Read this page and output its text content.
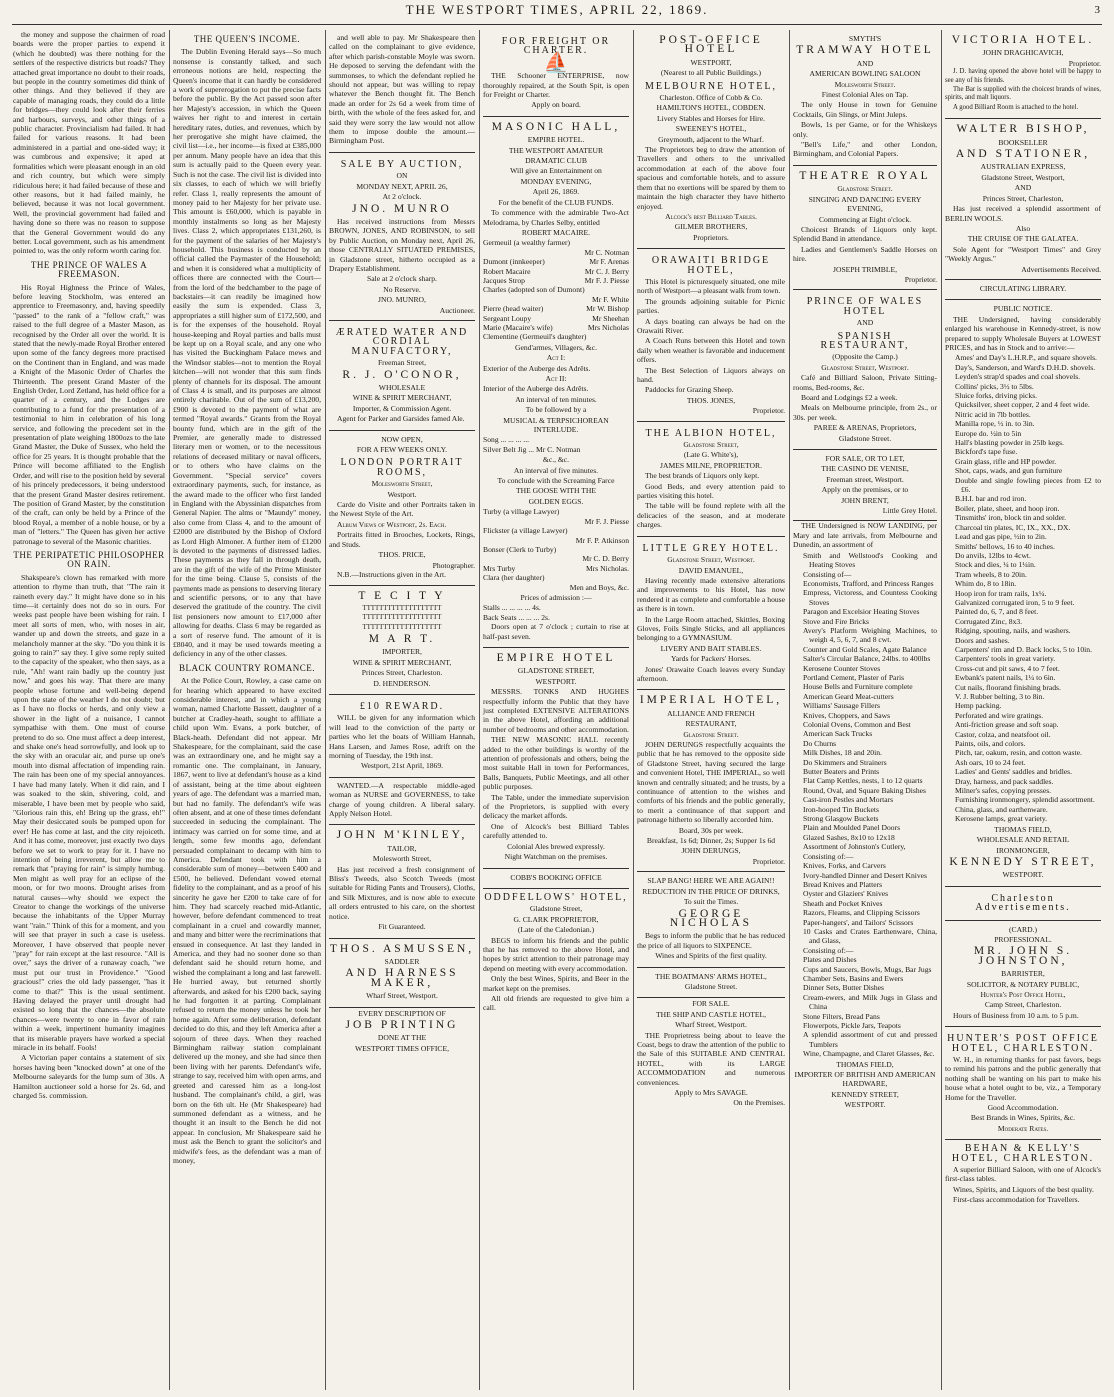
THE WESTPORT TIMES, APRIL 22, 1869.	3

the money and suppose the chairmen of road boards were the proper parties to expend it (which he doubted) was there nothing for the settlers of the respective districts but roads? They attached great importance no doubt to their roads, but people in the country sometimes did think of other things. And they believed if they are capable of managing roads, they could do a little for bridges—they could look after their ferries and harbours, surveys, and other things of a public character. Provincialism had failed. It had failed for various reasons. It had been administered in a partial and one-sided way; it was cumbrous and expensive; it aped at formalities which were pleasant enough in an old and rich country, but which were simply ridiculous here; it had failed because of these and other reasons, but it had failed mainly, he believed, because it was not local government. Well, the provincial government had failed and having done so there was no reason to suppose that the General Government would do any better. Local government, such as his amendment pointed to, was the only reform worth caring for.

THE PRINCE OF WALES A FREEMASON.

His Royal Highness the Prince of Wales, before leaving Stockholm, was entered an apprentice to Freemasonry, and, having speedily "passed" to the rank of a "fellow craft," was raised to the full degree of a Master Mason, as recognised by the Order all over the world. It is stated that the newly-made Royal Brother entered upon some of the fancy degrees more practised on the Continent than in England, and was made a Knight of the Masonic Order of Charles the Thirteenth. The present Grand Master of the English Order, Lord Zetland, has held office for a quarter of a century, and the Lodges are contributing to a fund for the presentation of a testimonial to him in celebration of his long service, and following the precedent set in the presentation of plate weighing 1800ozs to the late Grand Master, the Duke of Sussex, who held the office for 25 years. It is thought probable that the Prince will become affiliated to the English Order, and will rise to the position held by several of his princely predecessors, it being understood that the present Grand Master desires retirement. The position of Grand Master, by the constitution of the craft, can only be held by a Prince of the blood Royal, a member of a noble house, or by a man of "letters." The Queen has given her active patronage to several of the Masonic charities.

THE PERIPATETIC PHILOSOPHER ON RAIN.

Shakspeare's clown has remarked with more attention to rhyme than truth, that "The rain it raineth every day." It might have done so in his time—it certainly does not do so in ours. For weeks past people have been wishing for rain. I meet all sorts of men, who, with noses in air, wander up and down the streets, and gaze in a melancholy manner at the sky. "Do you think it is going to rain?" say they. I give some reply suited to the capacity of the speaker, who then says, as a rule, "Ah! want rain badly up the country just now," and goes his way. That there are many people whose fortune and well-being depend upon the state of the weather I do not doubt; but as I have no flocks or herds, and only view a shower in the light of a nuisance, I cannot sympathise with them. One must of course pretend to do so. One must affect a deep interest, and shake one's head sorrowfully, and look up to the sky with an oracular air, and purse up one's mouth into dismal affectation of impending rain. The rain has been one of my special annoyances. I have had many lately. When it did rain, and I was soaked to the skin, shivering, cold, and miserable, I have been met by people who said, "Glorious rain this, eh! Bring up the grass, eh!" May their desiccated souls be pumped upon for ever! He has come at last, and the city rejoiceth. And it has come, moreover, just exactly two days before we set to work to pray for it. I have no intention of being irreverent, but allow me to remark that "praying for rain" is simply humbug. Men might as well pray for an eclipse of the moon, or for two moons. Drought arises from natural causes—why should we expect the Creator to change the workings of the universe because the inhabitants of the Upper Murray want "rain." Think of this for a moment, and you will see that prayer in such a case is useless. Moreover, I have observed that people never "pray" for rain except at the last resource. "All is over," says the driver of a runaway coach, "we must put our trust in Providence." "Good gracious!" cries the old lady passenger, "has it come to that?" This is the usual sentiment. Having delayed the prayer until drought had existed so long that the chances—the absolute chances—were twenty to one in favor of rain within a week, impertinent humanity imagines that its miserable prayers have worked a special miracle in its behalf. Fools!

A Victorian paper contains a statement of six horses having been "knocked down" at one of the Melbourne saleyards for the lump sum of 30s. A Hamilton auctioneer sold a horse for 2s. 6d, and charged 5s. commission.

THE QUEEN'S INCOME.

The Dublin Evening Herald says—So much nonsense is constantly talked, and such erroneous notions are held, respecting the Queen's income that it can hardly be considered a work of supererogation to put the precise facts before the public. By the Act passed soon after her Majesty's accession, in which the Queen waives her right to and interest in certain hereditary rates, duties, and revenues, which by her prerogative she might have claimed, the civil list—i.e., her income—is fixed at £385,000 per annum. Many people have an idea that this sum is actually paid to the Queen every year. Such is not the case. The civil list is divided into six classes, to each of which we will briefly refer. Class 1, really represents the amount of money paid to her Majesty for her private use. This amount is £60,000, which is payable in monthly instalments so long as her Majesty lives. Class 2, which appropriates £131,260, is for the payment of the salaries of her Majesty's household. This business is conducted by an official called the Paymaster of the Household; and when it is considered what a multiplicity of offices there are connected with the Court—from the lord of the bedchamber to the page of backstairs—it can readily be imagined how easily the sum is expended. Class 3, appropriates a still higher sum of £172,500, and is for the expenses of the household. Royal house-keeping and Royal parties and balls must be kept up on a Royal scale, and any one who has visited the Buckingham Palace mews and the Windsor stables—not to mention the Royal kitchen—will not wonder that this sum finds plenty of channels for its disposal. The amount of Class 4 is small, and its purposes are almost entirely charitable. Out of the sum of £13,200, £900 is devoted to the payment of what are termed "Royal awards." Grants from the Royal bounty fund, which are in the gift of the Premier, are generally made to distressed literary men or women, or to the necessitous relations of deceased military or naval officers, or to others who have claims on the Government. "Special service" covers extraordinary payments, such, for instance, as the award made to the officer who first landed in England with the Abyssinian dispatches from General Napier. The alms or "Maundy" money, also come from Class 4, and to the amount of £2000 are distributed by the Bishop of Oxford as Lord High Almoner. A further item of £1200 is devoted to the payments of distressed ladies. These payments as they fall in through death, are in the gift of the wife of the Prime Minister for the time being. Clause 5, consists of the payments made as pensions to deserving literary and scientific persons, or to any that have deserved the gratitude of the country. The civil list pensioners now amount to £17,000 after allowing for deaths. Class 6 may be regarded as a sort of reserve fund. The amount of it is £8040, and it may be used towards meeting a deficiency in any of the other classes.

BLACK COUNTRY ROMANCE.

At the Police Court, Rowley, a case came on for hearing which appeared to have excited considerable interest, and in which a young woman, named Charlotte Bassett, daughter of a butcher at Cradley-heath, sought to affiliate a child upon Wm. Evans, a pork butcher, of Black-heath. Defendant did not appear. Mr Shakespeare, for the complainant, said the case was an extraordinary one, and he might say a romantic one. The complainant, in January, 1867, went to live at defendant's house as a kind of assistant, being at the time about eighteen years of age. The defendant was a married man, but had no family. The defendant's wife was often absent, and at one of these times defendant succeeded in seducing the complainant. The intimacy was carried on for some time, and at length, some few months ago, defendant persuaded complainant to decamp with him to America. Defendant took with him a considerable sum of money—between £400 and £500, he believed. Defendant vowed eternal fidelity to the complainant, and as a proof of his sincerity he gave her £200 to take care of for him. They had scarcely reached mid-Atlantic, however, before defendant commenced to treat complainant in a cruel and cowardly manner, and many and bitter were the recriminations that ensued in consequence. At last they landed in America, and they had no sooner done so than defendant said he should return home, and wished the complainant a long and last farewell. He hurried away, but returned shortly afterwards, and asked for his £200 back, saying he had forgotten it at parting. Complainant refused to return the money unless he took her home again. After some deliberation, defendant decided to do this, and they left America after a sojourn of three days. When they reached Birmingham railway station complainant delivered up the money, and she had since then been living with her parents. Defendant's wife, strange to say, received him with open arms, and greeted and caressed him as a long-lost husband. The complainant's child, a girl, was born on the 6th ult. He (Mr Shakespeare) had summoned defendant as a witness, and he thought it an insult to the Bench he did not appear. In conclusion, Mr Shakespeare said he must ask the Bench to grant the solicitor's and midwife's fees, as the defendant was a man of money,

and well able to pay. Mr Shakespeare then called on the complainant to give evidence, after which parish-constable Moyle was sworn. He deposed to serving the defendant with the summonses, to which the defendant replied he should not appear, but was willing to repay whatever the Bench thought fit. The Bench made an order for 2s 6d a week from time of birth, with the whole of the fees asked for, and said they were sorry the law would not allow them to impose double the amount.—Birmingham Post.

SALE BY AUCTION,
ON
MONDAY NEXT, APRIL 26,
At 2 o'clock.
JNO. MUNRO

Has received instructions from Messrs BROWN, JONES, AND ROBINSON, to sell by Public Auction, on Monday next, April 26, those CENTRALLY SITUATED PREMISES, in Gladstone street, hitherto occupied as a Drapery Establishment.

Sale at 2 o'clock sharp.
No Reserve.
JNO. MUNRO,
Auctioneer.
ÆRATED WATER AND CORDIAL MANUFACTORY,
Freeman Street,
R. J. O'CONOR,
WHOLESALE
WINE & SPIRIT MERCHANT,
Importer, & Commission Agent.

Agent for Parker and Garsides famed Ale.

NOW OPEN,
FOR A FEW WEEKS ONLY.
LONDON PORTRAIT ROOMS,
Molesworth Street,
Westport.

Carde do Visite and other Portraits taken in the Newest Style of the Art.

Album Views of Westport, 2s. Each.

Portraits fitted in Brooches, Lockets, Rings, and Studs.

THOS. PRICE,
Photographer.

N.B.—Instructions given in the Art.

T E C I T Y
TTTTTTTTTTTTTTTTTTT
TTTTTTTTTTTTTTTTTTT
TTTTTTTTTTTTTTTTTTT
M A R T.
IMPORTER,
WINE & SPIRIT MERCHANT,
Princes Street, Charleston.
D. HENDERSON.
£10 REWARD.

WILL be given for any information which will lead to the conviction of the party or parties who let the boats of William Hannah, Hans Larsen, and James Rose, adrift on the morning of Tuesday, the 19th inst.

Westport, 21st April, 1869.

WANTED.—A respectable middle-aged woman as NURSE and GOVERNESS, to take charge of young children. A liberal salary. Apply Nelson Hotel.

JOHN M'KINLEY,
TAILOR,
Molesworth Street,

Has just received a fresh consignment of Bliss's Tweeds, also Scotch Tweeds (most suitable for Riding Pants and Trousers), Cloths, and Silk Mixtures, and is now able to execute all orders entrusted to his care, on the shortest notice.

Fit Guaranteed.
THOS. ASMUSSEN,
SADDLER
AND HARNESS MAKER,
Wharf Street, Westport.
EVERY DESCRIPTION OF
JOB PRINTING
DONE AT THE
WESTPORT TIMES OFFICE,
FOR FREIGHT OR CHARTER.
⛵

THE Schooner ENTERPRISE, now thoroughly repaired, at the South Spit, is open for Freight or Charter.

Apply on board.
MASONIC HALL,
EMPIRE HOTEL.
THE WESTPORT AMATEUR
DRAMATIC CLUB
Will give an Entertainment on
MONDAY EVENING,
April 26, 1869.
For the benefit of the CLUB FUNDS.

To commence with the admirable Two-Act Melodrama, by Charles Selby, entitled

ROBERT MACAIRE.
Germeuil (a wealthy farmer)
Mr C. Notman
Dumont (innkeeper)	Mr F. Arenas
Robert Macaire	Mr C. J. Berry
Jacques Strop	Mr F. J. Piesse
Charles (adopted son of Dumont)
Mr F. White
Pierre (head waiter)	Mr W. Bishop
Sergeant Loupy	Mr Sheehan
Marie (Macaire's wife)	Mrs Nicholas
Clementine (Germeuil's daughter)
Gend'armes, Villagers, &c.
Act I:
Exterior of the Auberge des Adrêts.
Act II:
Interior of the Auberge des Adrêts.
An interval of ten minutes.
To be followed by a
MUSICAL & TERPSICHOREAN INTERLUDE.
Song ... ... ... ...
Silver Belt Jig ... Mr C. Notman
&c., &c.
An interval of five minutes.
To conclude with the Screaming Farce
THE GOOSE WITH THE
GOLDEN EGGS.
Turby (a village Lawyer)
Mr F. J. Piesse
Flickster (a village Lawyer)
Mr F. P. Atkinson
Bonser (Clerk to Turby)
Mr C. D. Berry
Mrs Turby	Mrs Nicholas.
Clara (her daughter)
Men and Boys, &c.
Prices of admission :—
Stalls ... ... ... ... 4s.
Back Seats ... ... ... 2s.

Doors open at 7 o'clock ; curtain to rise at half-past seven.

EMPIRE HOTEL
GLADSTONE STREET,
WESTPORT.

MESSRS. TONKS AND HUGHES respectfully inform the Public that they have just completed EXTENSIVE ALTERATIONS in the above Hotel, affording an additional number of bedrooms and other accommodation.

THE NEW MASONIC HALL recently added to the other buildings is worthy of the attention of professionals and others, being the most suitable Hall in town for Performances, Balls, Banquets, Public Meetings, and all other public purposes.

The Table, under the immediate supervision of the Proprietors, is supplied with every delicacy the market affords.

One of Alcock's best Billiard Tables carefully attended to.

Colonial Ales brewed expressly.
Night Watchman on the premises.
COBB'S BOOKING OFFICE
ODDFELLOWS' HOTEL,
Gladstone Street,
G. CLARK PROPRIETOR,
(Late of the Caledonian.)

BEGS to inform his friends and the public that he has removed to the above Hotel, and hopes by strict attention to their patronage may depend on meeting with every accommodation.

Only the best Wines, Spirits, and Beer in the market kept on the premises.

All old friends are requested to give him a call.

POST-OFFICE HOTEL
WESTPORT,
(Nearest to all Public Buildings.)
MELBOURNE HOTEL,
Charleston. Office of Cobb & Co.
HAMILTON'S HOTEL, COBDEN.
Livery Stables and Horses for Hire.
SWEENEY'S HOTEL,
Greymouth, adjacent to the Wharf.

The Proprietors beg to draw the attention of Travellers and others to the unrivalled accommodation at each of the above four spacious and comfortable hotels, and to assure them that no exertions will be spared by them to maintain the high character they have hitherto enjoyed.

Alcock's best Billiard Tables.
GILMER BROTHERS,
Proprietors.
ORAWAITI BRIDGE HOTEL,

This Hotel is picturesquely situated, one mile north of Westport—a pleasant walk from town.

The grounds adjoining suitable for Picnic parties.

A days boating can always be had on the Orawaiti River.

A Coach Runs between this Hotel and town daily when weather is favorable and inducement offers.

The Best Selection of Liquors always on hand.

Paddocks for Grazing Sheep.

THOS. JONES,
Proprietor.
THE ALBION HOTEL,
Gladstone Street,
(Late G. White's),
JAMES MILNE, PROPRIETOR.

The best brands of Liquors only kept.

Good Beds, and every attention paid to parties visiting this hotel.

The table will be found replete with all the delicacies of the season, and at moderate charges.

LITTLE GREY HOTEL.
Gladstone Street, Westport.
DAVID EMANUEL,

Having recently made extensive alterations and improvements to his Hotel, has now rendered it as complete and comfortable a house as there is in town.

In the Large Room attached, Skittles, Boxing Gloves, Foils Single Sticks, and all appliances belonging to a GYMNASIUM.

LIVERY AND BAIT STABLES.
Yards for Packers' Horses.

Jones' Orawaite Coach leaves every Sunday afternoon.

IMPERIAL HOTEL,
ALLIANCE AND FRENCH
RESTAURANT,
Gladstone Street.

JOHN DERUNGS respectfully acquaints the public that he has removed to the opposite side of Gladstone Street, having secured the large and convenient Hotel, THE IMPERIAL, so well known and centrally situated; and he trusts, by a continuance of attention to the wishes and comforts of his friends and the public generally, to merit a continuance of that support and patronage hitherto so liberally accorded him.

Board, 30s per week.
Breakfast, 1s 6d; Dinner, 2s; Supper 1s 6d
JOHN DERUNGS,
Proprietor.
SLAP BANG! HERE WE ARE AGAIN!!
REDUCTION IN THE PRICE OF DRINKS,
To suit the Times.
GEORGE NICHOLAS

Begs to inform the public that he has reduced the price of all liquors to SIXPENCE.

Wines and Spirits of the first quality.
THE BOATMANS' ARMS HOTEL,
Gladstone Street.
FOR SALE.
THE SHIP AND CASTLE HOTEL,
Wharf Street, Westport.

THE Proprietress being about to leave the Coast, begs to draw the attention of the public to the Sale of this SUITABLE AND CENTRAL HOTEL, with its LARGE ACCOMMODATION and numerous conveniences.

Apply to Mrs SAVAGE.
On the Premises.
SMYTH'S
TRAMWAY HOTEL
AND
AMERICAN BOWLING SALOON
Molesworth Street.
Finest Colonial Ales on Tap.

The only House in town for Genuine Cocktails, Gin Slings, or Mint Juleps.

Bowls, 1s per Game, or for the Whiskeys only.

"Bell's Life," and other London, Birmingham, and Colonial Papers.

THEATRE ROYAL
Gladstone Street.
SINGING AND DANCING EVERY EVENING,
Commencing at Eight o'clock.

Choicest Brands of Liquors only kept. Splendid Band in attendance.

Ladies and Gentlemen's Saddle Horses on hire.

JOSEPH TRIMBLE,
Proprietor.
PRINCE OF WALES HOTEL
AND
SPANISH RESTAURANT,
(Opposite the Camp.)
Gladstone Street, Westport.

Café and Billiard Saloon, Private Sitting-rooms, Bed-rooms, &c.

Board and Lodgings £2 a week.

Meals on Melbourne principle, from 2s., or 30s. per week.

PAREE & ARENAS, Proprietors,
Gladstone Street.
FOR SALE, OR TO LET,
THE CASINO DE VENISE,
Freeman street, Westport.
Apply on the premises, or to
JOHN BRENT,
Little Grey Hotel.

THE Undersigned is NOW LANDING, per Mary and late arrivals, from Melbourne and Dunedin, an assortment of

Smith and Wellstood's Cooking and Heating Stoves
Consisting of—
Economists, Trafford, and Princess Ranges
Empress, Victoress, and Countess Cooking Stoves
Paragon and Excelsior Heating Stoves
Stove and Fire Bricks
Avery's Platform Weighing Machines, to weigh 4, 5, 6, 7, and 8 cwt.
Counter and Gold Scales, Agate Balance
Salter's Circular Balance, 24lbs. to 400lbs
Kerosene Counter Stoves
Portland Cement, Plaster of Paris
House Bells and Furniture complete
American Geard Meat-cutters
Williams' Sausage Fillers
Knives, Choppers, and Saws
Colonial Ovens, Common and Best
American Sack Trucks
Do Churns
Milk Dishes, 18 and 20in.
Do Skimmers and Strainers
Butter Beaters and Prints
Flat Camp Kettles, nests, 1 to 12 quarts
Round, Oval, and Square Baking Dishes
Cast-iron Pestles and Mortars
Iron-hooped Tin Buckets
Strong Glasgow Buckets
Plain and Moulded Panel Doors
Glazed Sashes, 8x10 to 12x18
Assortment of Johnston's Cutlery,
Consisting of:—
Knives, Forks, and Carvers
Ivory-handled Dinner and Desert Knives
Bread Knives and Platters
Oyster and Glaziers' Knives
Sheath and Pocket Knives
Razors, Fleams, and Clipping Scissors
Paper-hangers', and Tailors' Scissors
10 Casks and Crates Earthenware, China, and Glass,
Consisting of:—
Plates and Dishes
Cups and Saucers, Bowls, Mugs, Bar Jugs
Chamber Sets, Basins and Ewers
Dinner Sets, Butter Dishes
Cream-ewers, and Milk Jugs in Glass and China
Stone Filters, Bread Pans
Flowerpots, Pickle Jars, Teapots
A splendid assortment of cut and pressed Tumblers
Wine, Champagne, and Claret Glasses, &c.
THOMAS FIELD,
IMPORTER OF BRITISH AND AMERICAN HARDWARE,
KENNEDY STREET,
WESTPORT.
VICTORIA HOTEL.
JOHN DRAGHICAVICH,
Proprietor.

J. D. having opened the above hotel will be happy to see any of his friends.

The Bar is supplied with the choicest brands of wines, spirits, and malt liquors.

A good Billiard Room is attached to the hotel.

WALTER BISHOP,
BOOKSELLER
AND STATIONER,
AUSTRALIAN EXPRESS,
Gladstone Street, Westport,
AND
Princes Street, Charleston,

Has just received a splendid assortment of BERLIN WOOLS.

Also
THE CRUISE OF THE GALATEA.

Sole Agent for "Westport Times" and Grey "Weekly Argus."

Advertisements Received.
CIRCULATING LIBRARY.
PUBLIC NOTICE.

THE Undersigned, having considerably enlarged his warehouse in Kennedy-street, is now prepared to supply Wholesale Buyers at LOWEST PRICES, and has in Stock and to arrive:—

Ames' and Day's L.H.R.P., and square shovels.
Day's, Sanderson, and Ward's D.H.D. shovels.
Leyden's strap'd spades and coal shovels.
Collins' picks, 3½ to 5lbs.
Sluice forks, driving picks.
Quicksilver, sheet copper, 2 and 4 feet wide.
Nitric acid in 7lb bottles.
Manilla rope, ½ in. to 3in.
Europe do. ½in to 5in
Hall's blasting powder in 25lb kegs.
Bickford's tape fuse.
Grain glass, rifle and HP powder.
Shot, caps, wads, and gun furniture
Double and single fowling pieces from £2 to £6.
B.H.I. bar and rod iron.
Boiler, plate, sheet, and hoop iron.
Tinsmiths' iron, block tin and solder.
Charcoal tin plates, IC, IX., XX., DX.
Lead and gas pipe, ½in to 2in.
Smiths' bellows, 16 to 40 inches.
Do anvils, 12lbs to 4cwt.
Stock and dies, ¼ to 1¼in.
Tram wheels, 8 to 20in.
Whim do, 8 to 18in.
Hoop iron for tram rails, 1x¼.
Galvanized corrugated iron, 5 to 9 feet.
Painted do, 6, 7, and 8 feet.
Corrugated Zinc, 8x3.
Ridging, spouting, nails, and washers.
Doors and sashes.
Carpenters' rim and D. Back locks, 5 to 10in.
Carpenters' tools in great variety.
Cross-cut and pit saws, 4 to 7 feet.
Ewbank's patent nails, 1¼ to 6in.
Cut nails, floorand finishing brads.
V. J. Rubber belting, 3 to 8in.
Hemp packing.
Perforated and wire gratings.
Anti-friction grease and soft soap.
Castor, colza, and neatsfoot oil.
Paints, oils, and colors.
Pitch, tar, oakum, resin, and cotton waste.
Ash oars, 10 to 24 feet.
Ladies' and Gents' saddles and bridles.
Dray, harness, and pack saddles.
Milner's safes, copying presses.
Furnishing ironmongery, splendid assortment.
China, glass, and earthenware.
Kerosene lamps, great variety.
THOMAS FIELD,
WHOLESALE AND RETAIL
IRONMONGER,
KENNEDY STREET,
WESTPORT.
Charleston Advertisements.
(CARD.)
PROFESSIONAL.
MR. JOHN S. JOHNSTON,
BARRISTER,
SOLICITOR, & NOTARY PUBLIC,
Hunter's Post Office Hotel,
Camp Street, Charleston.

Hours of Business from 10 a.m. to 5 p.m.

HUNTER'S POST OFFICE HOTEL, CHARLESTON.

W. H., in returning thanks for past favors, begs to remind his patrons and the public generally that nothing shall be wanting on his part to make his house what a hotel ought to be, viz., a Temporary Home for the Traveller.

Good Accommodation.
Best Brands in Wines, Spirits, &c.
Moderate Rates.
BEHAN & KELLY'S HOTEL, CHARLESTON.

A superior Billiard Saloon, with one of Alcock's first-class tables.

Wines, Spirits, and Liquors of the best quality.

First-class accommodation for Travellers.
